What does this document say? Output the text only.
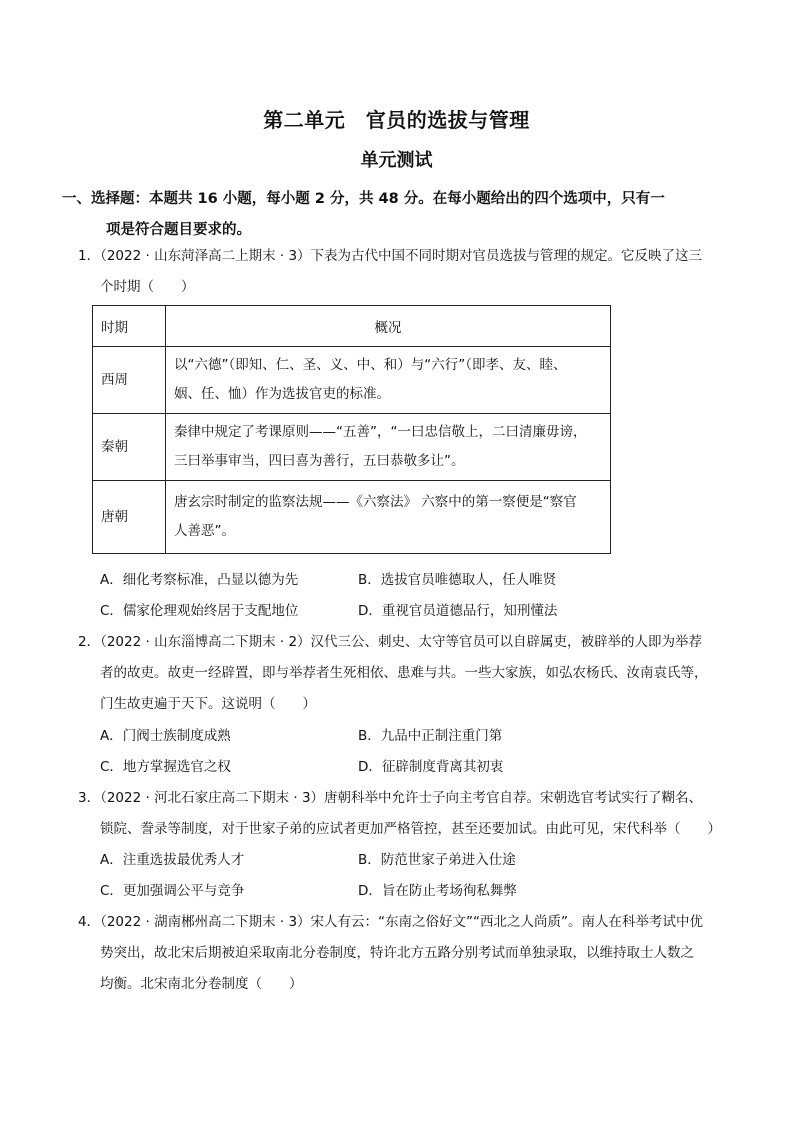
第二单元　官员的选拔与管理
单元测试
一、选择题：本题共 16 小题，每小题 2 分，共 48 分。在每小题给出的四个选项中，只有一
项是符合题目要求的。
1．（2022 · 山东菏泽高二上期末 · 3）下表为古代中国不同时期对官员选拔与管理的规定。它反映了这三
个时期（　　）
时期	概况
西周	以“六德”（即知、仁、圣、义、中、和）与“六行”（即孝、友、睦、
姻、任、恤）作为选拔官吏的标准。

秦朝	秦律中规定了考课原则——“五善”，“一曰忠信敬上，二曰清廉毋谤，
三曰举事审当，四曰喜为善行，五曰恭敬多让”。

唐朝	唐玄宗时制定的监察法规——《六察法》 六察中的第一察便是“察官
人善恶”。
A．细化考察标准，凸显以德为先	B．选拔官员唯德取人，任人唯贤
C．儒家伦理观始终居于支配地位	D．重视官员道德品行，知刑懂法
2．（2022 · 山东淄博高二下期末 · 2）汉代三公、刺史、太守等官员可以自辟属吏，被辟举的人即为举荐
者的故吏。故吏一经辟置，即与举荐者生死相依、患难与共。一些大家族，如弘农杨氏、汝南袁氏等，
门生故吏遍于天下。这说明（　　）
A．门阀士族制度成熟	B．九品中正制注重门第
C．地方掌握选官之权	D．征辟制度背离其初衷
3．（2022 · 河北石家庄高二下期末 · 3）唐朝科举中允许士子向主考官自荐。宋朝选官考试实行了糊名、
锁院、誊录等制度，对于世家子弟的应试者更加严格管控，甚至还要加试。由此可见，宋代科举（　　）
A．注重选拔最优秀人才	B．防范世家子弟进入仕途
C．更加强调公平与竞争	D．旨在防止考场徇私舞弊
4．（2022 · 湖南郴州高二下期末 · 3）宋人有云：“东南之俗好文”“西北之人尚质”。南人在科举考试中优
势突出，故北宋后期被迫采取南北分卷制度，特许北方五路分别考试而单独录取，以维持取士人数之
均衡。北宋南北分卷制度（　　）
